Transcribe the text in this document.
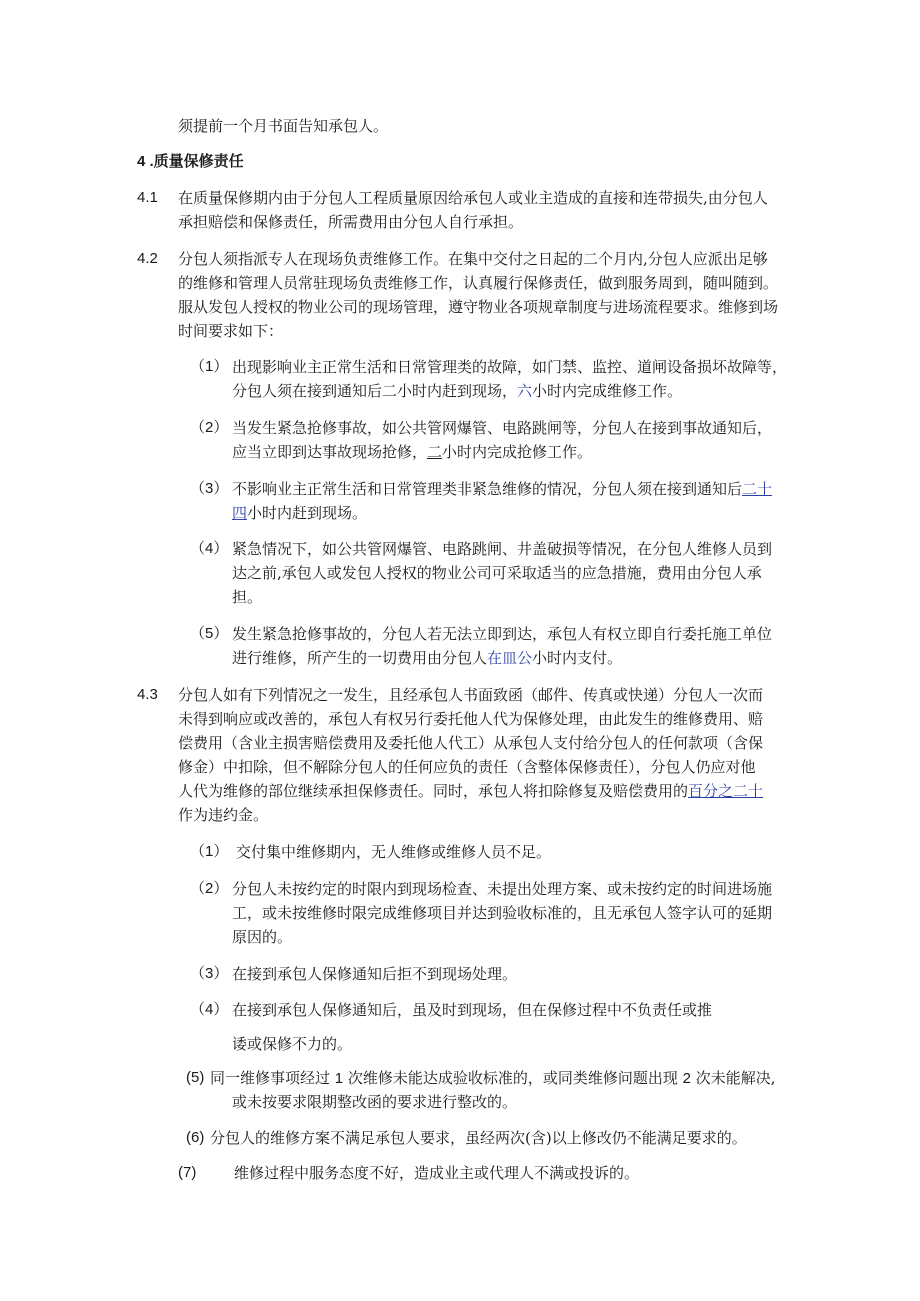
须提前一个月书面告知承包人。
4 .质量保修责任
4.1 在质量保修期内由于分包人工程质量原因给承包人或业主造成的直接和连带损失,由分包人
承担赔偿和保修责任，所需费用由分包人自行承担。
4.2 分包人须指派专人在现场负责维修工作。在集中交付之日起的二个月内,分包人应派出足够
的维修和管理人员常驻现场负责维修工作，认真履行保修责任，做到服务周到，随叫随到。
服从发包人授权的物业公司的现场管理，遵守物业各项规章制度与进场流程要求。维修到场
时间要求如下：
（1） 出现影响业主正常生活和日常管理类的故障，如门禁、监控、道闸设备损坏故障等，
分包人须在接到通知后二小时内赶到现场，六小时内完成维修工作。
（2） 当发生紧急抢修事故，如公共管网爆管、电路跳闸等，分包人在接到事故通知后，
应当立即到达事故现场抢修，二小时内完成抢修工作。
（3） 不影响业主正常生活和日常管理类非紧急维修的情况，分包人须在接到通知后二十
四小时内赶到现场。
（4） 紧急情况下，如公共管网爆管、电路跳闸、井盖破损等情况，在分包人维修人员到
达之前,承包人或发包人授权的物业公司可采取适当的应急措施，费用由分包人承
担。
（5） 发生紧急抢修事故的，分包人若无法立即到达，承包人有权立即自行委托施工单位
进行维修，所产生的一切费用由分包人在皿公小时内支付。
4.3 分包人如有下列情况之一发生，且经承包人书面致函（邮件、传真或快递）分包人一次而
未得到响应或改善的，承包人有权另行委托他人代为保修处理，由此发生的维修费用、赔
偿费用（含业主损害赔偿费用及委托他人代工）从承包人支付给分包人的任何款项（含保
修金）中扣除，但不解除分包人的任何应负的责任（含整体保修责任），分包人仍应对他
人代为维修的部位继续承担保修责任。同时，承包人将扣除修复及赔偿费用的百分之二十
作为违约金。
（1） 交付集中维修期内，无人维修或维修人员不足。
（2） 分包人未按约定的时限内到现场检查、未提出处理方案、或未按约定的时间进场施
工，或未按维修时限完成维修项目并达到验收标准的，且无承包人签字认可的延期
原因的。
（3） 在接到承包人保修通知后拒不到现场处理。
（4） 在接到承包人保修通知后，虽及时到现场，但在保修过程中不负责任或推
诿或保修不力的。
(5) 同一维修事项经过 1 次维修未能达成验收标准的，或同类维修问题出现 2 次未能解决,
或未按要求限期整改函的要求进行整改的。
(6) 分包人的维修方案不满足承包人要求，虽经两次(含)以上修改仍不能满足要求的。
(7)	维修过程中服务态度不好，造成业主或代理人不满或投诉的。
